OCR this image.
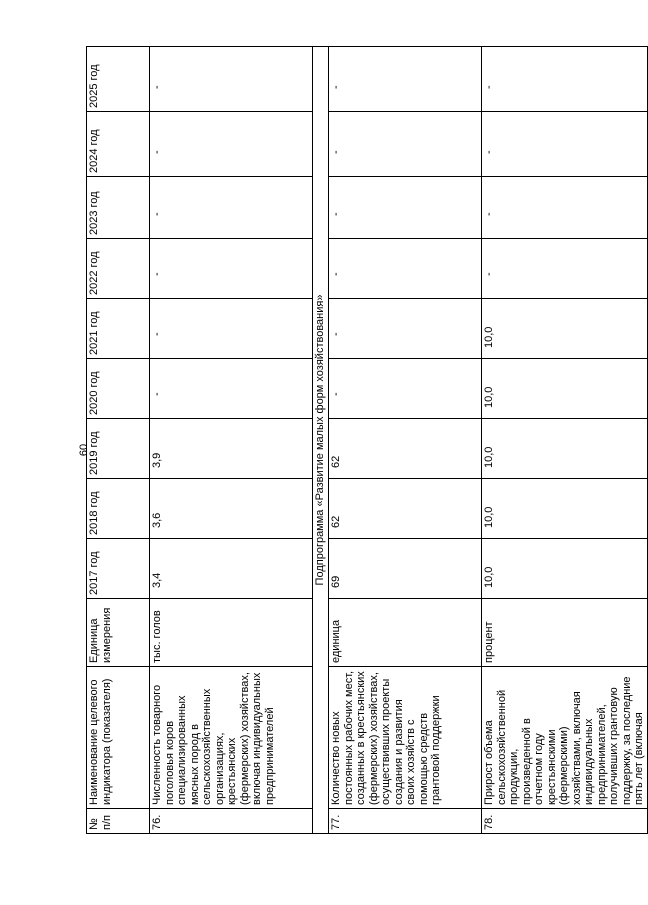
60
№ п/п	Наименование целевого индикатора (показателя)	Единица измерения	2017 год	2018 год	2019 год	2020 год	2021 год	2022 год	2023 год	2024 год	2025 год
76.	Численность товарного поголовья коров специализированных мясных пород в сельскохозяйственных организациях, крестьянских (фермерских) хозяйствах, включая индивидуальных предпринимателей	тыс. голов	3,4	3,6	3,9	-	-	-	-	-	-
Подпрограмма «Развитие малых форм хозяйствования»											
77.	Количество новых постоянных рабочих мест, созданных в крестьянских (фермерских) хозяйствах, осуществивших проекты создания и развития своих хозяйств с помощью средств грантовой поддержки	единица	69	62	62	-	-	-	-	-	-
78.	Прирост объема сельскохозяйственной продукции, произведенной в отчетном году крестьянскими (фермерскими) хозяйствами, включая индивидуальных предпринимателей, получивших грантовую поддержку, за последние пять лет (включая	процент	10,0	10,0	10,0	10,0	10,0	-	-	-	-
